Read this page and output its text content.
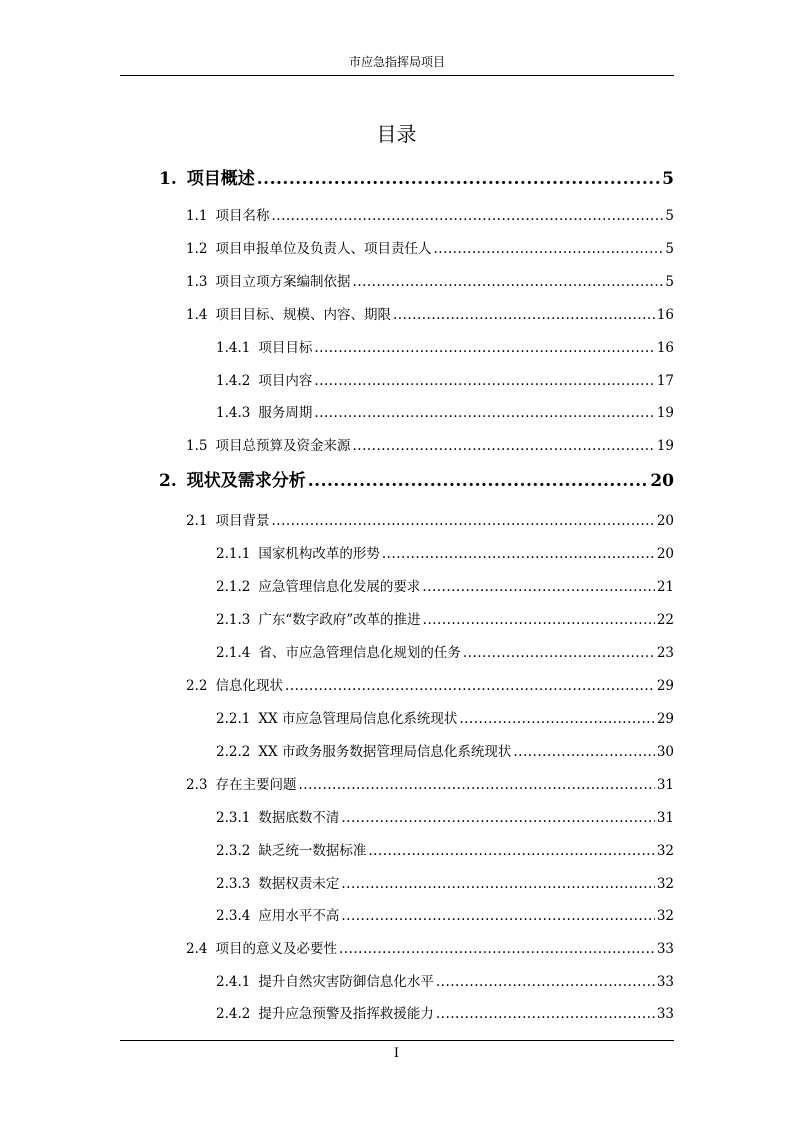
市应急指挥局项目
目录
1. 项目概述 .....	5
1.1 项目名称 .....	5
1.2 项目申报单位及负责人、项目责任人 .....	5
1.3 项目立项方案编制依据 .....	5
1.4 项目目标、规模、内容、期限 .....	16
1.4.1 项目目标 .....	16
1.4.2 项目内容 .....	17
1.4.3 服务周期 .....	19
1.5 项目总预算及资金来源 .....	19
2. 现状及需求分析 .....	20
2.1 项目背景 .....	20
2.1.1 国家机构改革的形势 .....	20
2.1.2 应急管理信息化发展的要求 .....	21
2.1.3 广东“数字政府”改革的推进 .....	22
2.1.4 省、市应急管理信息化规划的任务 .....	23
2.2 信息化现状 .....	29
2.2.1 XX 市应急管理局信息化系统现状 .....	29
2.2.2 XX 市政务服务数据管理局信息化系统现状 .....	30
2.3 存在主要问题 .....	31
2.3.1 数据底数不清 .....	31
2.3.2 缺乏统一数据标准 .....	32
2.3.3 数据权责未定 .....	32
2.3.4 应用水平不高 .....	32
2.4 项目的意义及必要性 .....	33
2.4.1 提升自然灾害防御信息化水平 .....	33
2.4.2 提升应急预警及指挥救援能力 .....	33
I
